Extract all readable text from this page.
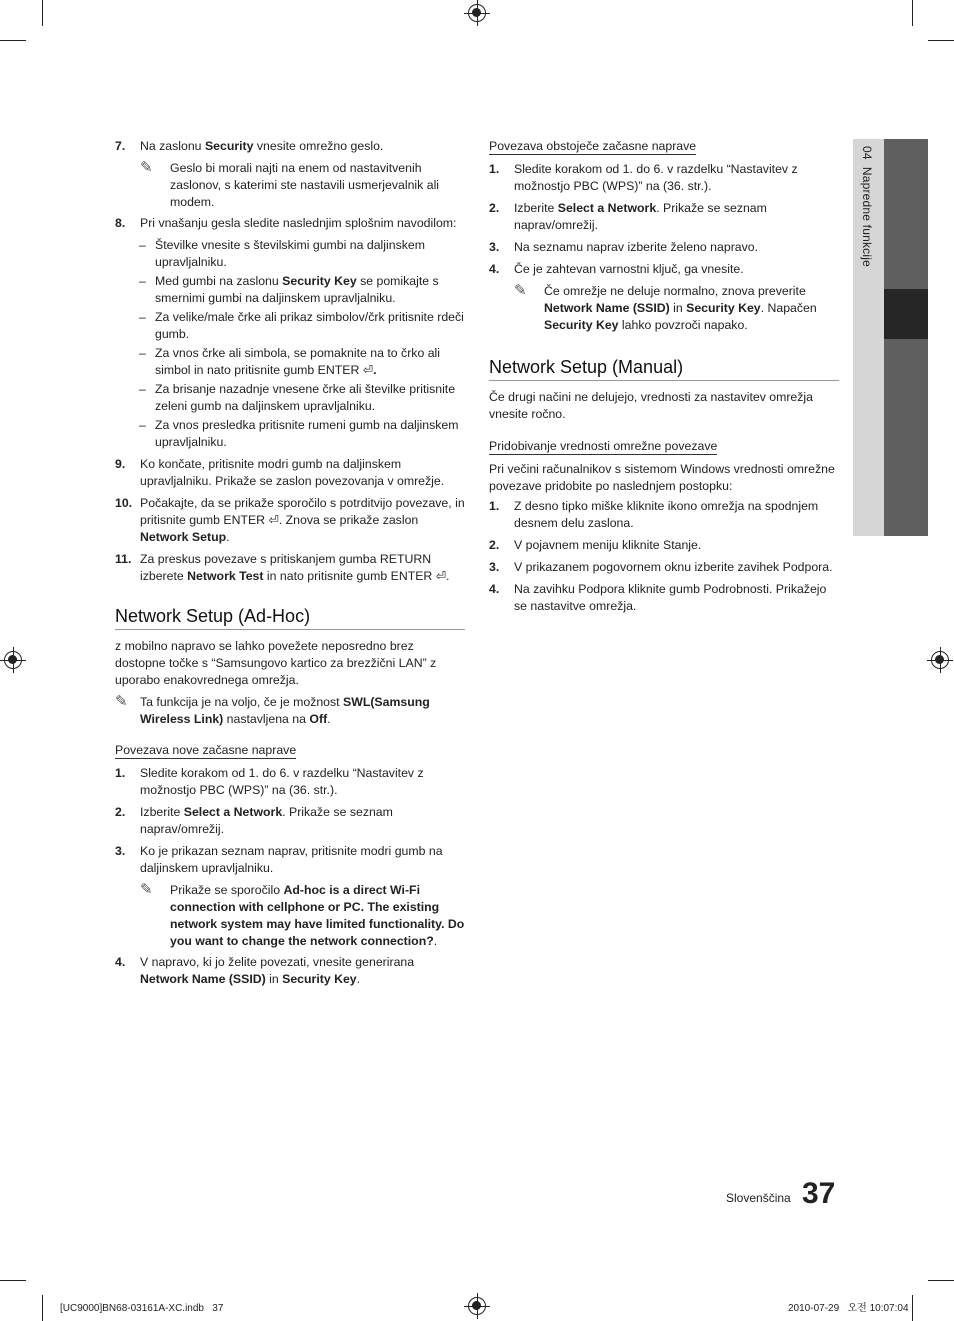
04  Napredne funkcije
7. Na zaslonu Security vnesite omrežno geslo.
✎ Geslo bi morali najti na enem od nastavitvenih zaslonov, s katerimi ste nastavili usmerjevalnik ali modem.
8. Pri vnašanju gesla sledite naslednjim splošnim navodilom:
– Številke vnesite s številskimi gumbi na daljinskem upravljalniku.
– Med gumbi na zaslonu Security Key se pomikajte s smernimi gumbi na daljinskem upravljalniku.
– Za velike/male črke ali prikaz simbolov/črk pritisnite rdeči gumb.
– Za vnos črke ali simbola, se pomaknite na to črko ali simbol in nato pritisnite gumb ENTER ⏎.
– Za brisanje nazadnje vnesene črke ali številke pritisnite zeleni gumb na daljinskem upravljalniku.
– Za vnos presledka pritisnite rumeni gumb na daljinskem upravljalniku.
9. Ko končate, pritisnite modri gumb na daljinskem upravljalniku. Prikaže se zaslon povezovanja v omrežje.
10. Počakajte, da se prikaže sporočilo s potrditvijo povezave, in pritisnite gumb ENTER ⏎. Znova se prikaže zaslon Network Setup.
11. Za preskus povezave s pritiskanjem gumba RETURN izberete Network Test in nato pritisnite gumb ENTER ⏎.
Network Setup (Ad-Hoc)

z mobilno napravo se lahko povežete neposredno brez dostopne točke s “Samsungovo kartico za brezžični LAN” z uporabo enakovrednega omrežja.

✎ Ta funkcija je na voljo, če je možnost SWL(Samsung Wireless Link) nastavljena na Off.
Povezava nove začasne naprave
1. Sledite korakom od 1. do 6. v razdelku “Nastavitev z možnostjo PBC (WPS)” na (36. str.).
2. Izberite Select a Network. Prikaže se seznam naprav/omrežij.
3. Ko je prikazan seznam naprav, pritisnite modri gumb na daljinskem upravljalniku.
✎ Prikaže se sporočilo Ad-hoc is a direct Wi-Fi connection with cellphone or PC. The existing network system may have limited functionality. Do you want to change the network connection?.
4. V napravo, ki jo želite povezati, vnesite generirana Network Name (SSID) in Security Key.
Povezava obstoječe začasne naprave
1. Sledite korakom od 1. do 6. v razdelku “Nastavitev z možnostjo PBC (WPS)” na (36. str.).
2. Izberite Select a Network. Prikaže se seznam naprav/omrežij.
3. Na seznamu naprav izberite želeno napravo.
4. Če je zahtevan varnostni ključ, ga vnesite.
✎ Če omrežje ne deluje normalno, znova preverite Network Name (SSID) in Security Key. Napačen Security Key lahko povzroči napako.
Network Setup (Manual)

Če drugi načini ne delujejo, vrednosti za nastavitev omrežja vnesite ročno.

Pridobivanje vrednosti omrežne povezave

Pri večini računalnikov s sistemom Windows vrednosti omrežne povezave pridobite po naslednjem postopku:

1. Z desno tipko miške kliknite ikono omrežja na spodnjem desnem delu zaslona.
2. V pojavnem meniju kliknite Stanje.
3. V prikazanem pogovornem oknu izberite zavihek Podpora.
4. Na zavihku Podpora kliknite gumb Podrobnosti. Prikažejo se nastavitve omrežja.
Slovenščina 37
[UC9000]BN68-03161A-XC.indb   37	2010-07-29   오전 10:07:04
